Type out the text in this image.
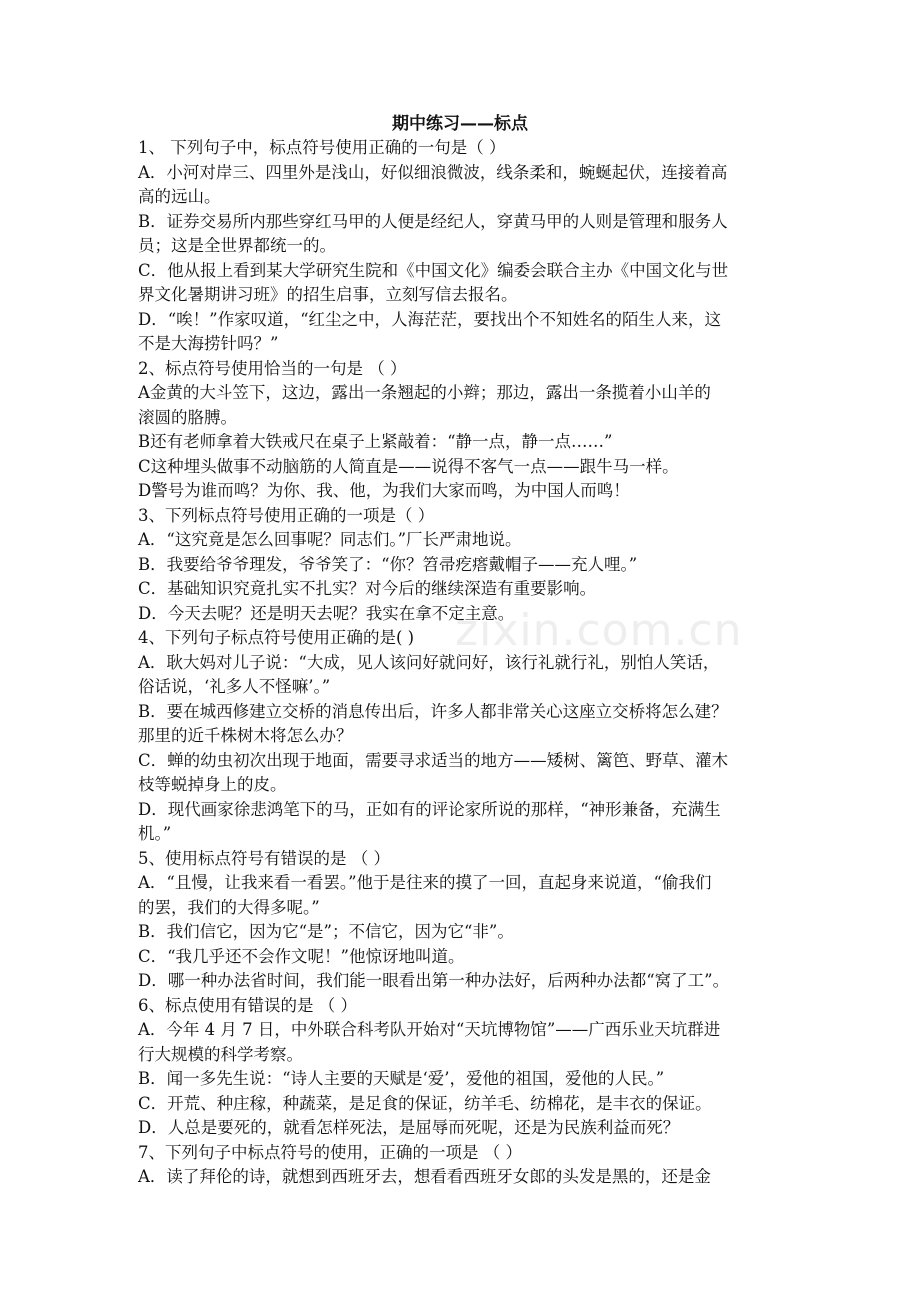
期中练习——标点
1、 下列句子中，标点符号使用正确的一句是（ ）
A．小河对岸三、四里外是浅山，好似细浪微波，线条柔和，蜿蜒起伏，连接着高
高的远山。
B．证券交易所内那些穿红马甲的人便是经纪人，穿黄马甲的人则是管理和服务人
员；这是全世界都统一的。
C．他从报上看到某大学研究生院和《中国文化》编委会联合主办《中国文化与世
界文化暑期讲习班》的招生启事，立刻写信去报名。
D．“唉！”作家叹道，“红尘之中，人海茫茫，要找出个不知姓名的陌生人来，这
不是大海捞针吗？”
2、标点符号使用恰当的一句是 （ ）
A金黄的大斗笠下，这边，露出一条翘起的小辫；那边，露出一条揽着小山羊的
滚圆的胳膊。
B还有老师拿着大铁戒尺在桌子上紧敲着：“静一点，静一点……”
C这种埋头做事不动脑筋的人简直是——说得不客气一点——跟牛马一样。
D警号为谁而鸣？为你、我、他，为我们大家而鸣，为中国人而鸣！
3、下列标点符号使用正确的一项是（ ）
A．“这究竟是怎么回事呢？同志们。”厂长严肃地说。
B．我要给爷爷理发，爷爷笑了：“你？笤帚疙瘩戴帽子——充人哩。”
C．基础知识究竟扎实不扎实？对今后的继续深造有重要影响。
D．今天去呢？还是明天去呢？我实在拿不定主意。
4、下列句子标点符号使用正确的是( )
A．耿大妈对儿子说：“大成，见人该问好就问好，该行礼就行礼，别怕人笑话，
俗话说，‘礼多人不怪嘛’。”
B．要在城西修建立交桥的消息传出后，许多人都非常关心这座立交桥将怎么建？
那里的近千株树木将怎么办？
C．蝉的幼虫初次出现于地面，需要寻求适当的地方——矮树、篱笆、野草、灌木
枝等蜕掉身上的皮。
D．现代画家徐悲鸿笔下的马，正如有的评论家所说的那样，“神形兼备，充满生
机。”
5、使用标点符号有错误的是 （ ）
A．“且慢，让我来看一看罢。”他于是往来的摸了一回，直起身来说道，“偷我们
的罢，我们的大得多呢。”
B．我们信它，因为它“是”；不信它，因为它“非”。
C．“我几乎还不会作文呢！”他惊讶地叫道。
D．哪一种办法省时间，我们能一眼看出第一种办法好，后两种办法都“窝了工”。
6、标点使用有错误的是 （ ）
A．今年 4 月 7 日，中外联合科考队开始对“天坑博物馆”——广西乐业天坑群进
行大规模的科学考察。
B．闻一多先生说：“诗人主要的天赋是‘爱’，爱他的祖国，爱他的人民。”
C．开荒、种庄稼，种蔬菜，是足食的保证，纺羊毛、纺棉花，是丰衣的保证。
D．人总是要死的，就看怎样死法，是屈辱而死呢，还是为民族利益而死？
7、下列句子中标点符号的使用，正确的一项是 （ ）
A．读了拜伦的诗，就想到西班牙去，想看看西班牙女郎的头发是黑的，还是金
zixin.com.cn
